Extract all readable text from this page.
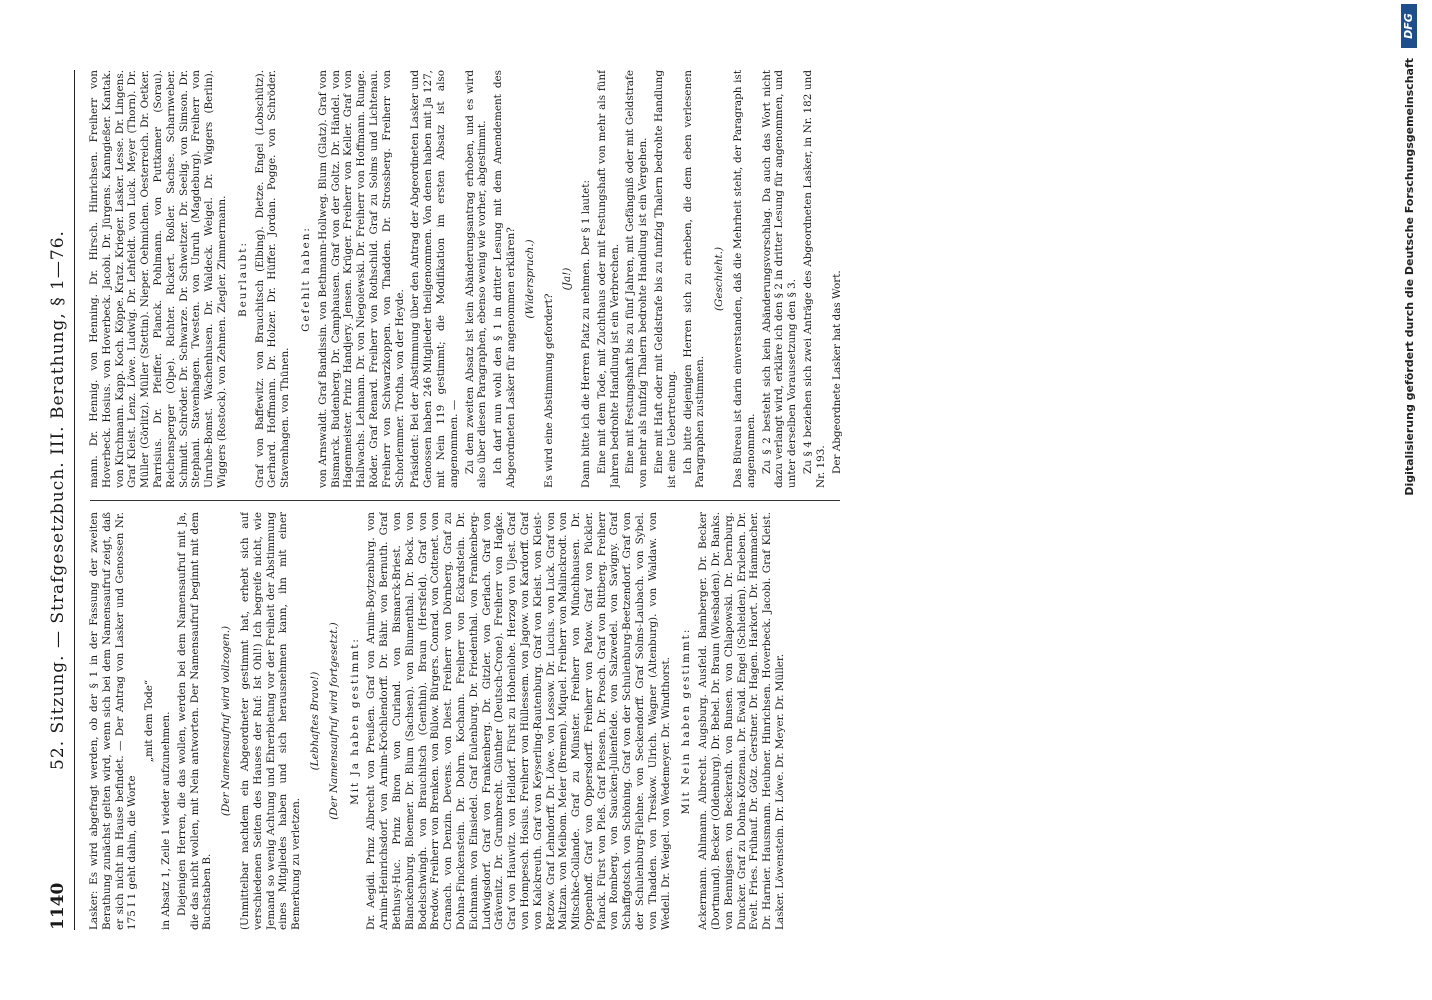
1140
52. Sitzung. — Strafgesetzbuch. III. Berathung, § 1—76. Lasker: Es wird abgefragt werden, ob der § 1 in der Fassung der zweiten Berathung zunächst gelten wird, wenn sich bei dem Namensaufruf zeigt, daß er sich nicht im Hause befindet. — Der Antrag von Lasker und Genossen Nr. 175 I 1 geht dahin, die Worte

„mit dem Tode“ in Absatz 1, Zeile 1 wieder aufzunehmen. Diejenigen Herren, die das wollen, werden bei dem Namensaufruf mit Ja, die das nicht wollen, mit Nein antworten. Der Namensaufruf beginnt mit dem Buchstaben B.

(Der Namensaufruf wird vollzogen.) (Unmittelbar nachdem ein Abgeordneter gestimmt hat, erhebt sich auf verschiedenen Seiten des Hauses der Ruf: Ist Ohl!) Ich begreife nicht, wie Jemand so wenig Achtung und Ehrerbietung vor der Freiheit der Abstimmung eines Mitgliedes haben und sich herausnehmen kann, ihn mit einer Bemerkung zu verletzen.

(Lebhaftes Bravo!) (Der Namensaufruf wird fortgesetzt.) Mit Ja haben gestimmt: Dr. Aegidi. Prinz Albrecht von Preußen. Graf von Arnim-Boytzenburg. von Arnim-Heinrichsdorf. von Arnim-Kröchlendorff. Dr. Bähr. von Bernuth. Graf Bethusy-Huc. Prinz Biron von Curland. von Bismarck-Briest. von Blanckenburg. Bloemer. Dr. Blum (Sachsen). von Blumenthal. Dr. Bock. von Bodelschwingh. von Brauchitsch (Genthin). Braun (Hersfeld). Graf von Bredow. Freiherr von Brenken. von Bülow. Bürgers. Conrad. von Cottenet. von Cranach. von Denzin. Devens. von Diest. Freiherr von Dörnberg. Graf zu Dohna-Finckenstein. Dr. Dohrn. Kochann. Freiherr von Eckardstein. Dr. Eichmann. von Einsiedel. Graf Eulenburg. Dr. Friedenthal. von Frankenberg-Ludwigsdorf. Graf von Frankenberg. Dr. Gitzler. von Gerlach. Graf von Grävenitz. Dr. Grumbrecht. Günther (Deutsch-Crone). Freiherr von Hagke. Graf von Hauwitz. von Helldorf. Fürst zu Hohenlohe. Herzog von Ujest. Graf von Hompesch. Hosius. Freiherr von Hüllessem. von Jagow. von Kardorff. Graf von Kalckreuth. Graf von Keyserling-Rautenburg. Graf von Kleist. von Kleist-Retzow. Graf Lehndorff. Dr. Löwe. von Lossow. Dr. Lucius. von Luck. Graf von Maltzan. von Meibom. Meier (Bremen). Miquel. Freiherr von Malinckrodt. von Mitschke-Collande. Graf zu Münster. Freiherr von Münchhausen. Dr. Oppenhoff. Graf von Oppersdorff. Freiherr von Patow. Graf von Pückler. Planck. Fürst von Pleß. Graf Plessen. Dr. Prosch. Graf von Rittberg. Freiherr von Romberg. von Saucken-Julienfelde. von Salzwedel. von Savigny. Graf Schaffgotsch. von Schöning. Graf von der Schulenburg-Beetzendorf. Graf von der Schulenburg-Filehne. von Seckendorff. Graf Solms-Laubach. von Sybel. von Thadden. von Treskow. Ulrich. Wagner (Altenburg). von Waldaw. von Wedell. Dr. Weigel. von Wedemeyer. Dr. Windthorst. Mit Nein haben gestimmt: Ackermann. Ahlmann. Albrecht. Augsburg. Ausfeld. Bamberger. Dr. Becker (Dortmund). Becker (Oldenburg). Dr. Bebel. Dr. Braun (Wiesbaden). Dr. Banks. von Bennigsen. von Beckerath. von Bunsen. von Chlapowski. Dr. Dernburg. Duncker. Graf zu Dohna-Kotzenau. Dr. Ewald. Engel (Schleiden). Erxleben. Dr. Evelt. Fries. Frühauf. Dr. Götz. Gerstner. Dr. Hagen. Harkort. Dr. Hammacher. Dr. Harnier. Hausmann. Heubner. Hinrichsen. Hoverbeck. Jacobi. Graf Kleist. Lasker. Löwenstein. Dr. Löwe. Dr. Meyer. Dr. Müller.

mann. Dr. Hennig. von Henning. Dr. Hirsch. Hinrichsen. Freiherr von Hoverbeck. Hosius. von Hoverbeck. Jacobi. Dr. Jürgens. Kanngießer. Kantak. von Kirchmann. Kapp. Koch. Köppe. Kratz. Krieger. Lasker. Lesse. Dr. Lingens. Graf Kleist. Lenz. Löwe. Ludwig. Dr. Lehfeldt. von Luck. Meyer (Thorn). Dr. Müller (Görlitz). Müller (Stettin). Nieper. Oehmichen. Oesterreich. Dr. Oetker. Parrisius. Dr. Pfeiffer. Planck. Pohlmann. von Puttkamer (Sorau). Reichensperger (Olpe). Richter. Rickert. Roßler. Sachse. Scharnweber. Schmidt. Schröder. Dr. Schwarze. Dr. Schweitzer. Dr. Seelig. von Simson. Dr. Stephani. Stavenhagen. Twesten. von Unruh (Magdeburg). Freiherr von Unruhe-Bomst. Wachenhusen. Dr. Waldeck. Weigel. Dr. Wiggers (Berlin). Wiggers (Rostock). von Zehmen. Ziegler. Zimmermann. Beurlaubt: Graf von Baffewitz. von Brauchitsch (Elbing). Dietze. Engel (Lobschütz). Gerhard. Hoffmann. Dr. Holzer. Dr. Hüffer. Jordan. Pogge. von Schröder. Stavenhagen. von Thünen.

Gefehlt haben: von Arnswaldt. Graf Bandissin. von Bethmann-Hollweg. Blum (Glatz). Graf von Bismarck. Budenberg. Dr. Camphausen. Graf von der Goltz. Dr. Händel. von Hagenmeister. Prinz Handjery. Jensen. Krüger. Freiherr von Keller. Graf von Hallwachs. Lehmann. Dr. von Niegolewski. Dr. Freiherr von Hoffmann. Runge. Röder. Graf Renard. Freiherr von Rothschild. Graf zu Solms und Lichtenau. Freiherr von Schwarzkoppen. von Thadden. Dr. Strossberg. Freiherr von Schorlemmer. Trotha. von der Heyde. Präsident: Bei der Abstimmung über den Antrag der Abgeordneten Lasker und Genossen haben 246 Mitglieder theilgenommen. Von denen haben mit Ja 127, mit Nein 119 gestimmt; die Modifikation im ersten Absatz ist also angenommen. — Zu dem zweiten Absatz ist kein Abänderungsantrag erhoben, und es wird also über diesen Paragraphen, ebenso wenig wie vorher, abgestimmt. Ich darf nun wohl den § 1 in dritter Lesung mit dem Amendement des Abgeordneten Lasker für angenommen erklären? (Widerspruch.)

Es wird eine Abstimmung gefordert?

(Ja!) Dann bitte ich die Herren Platz zu nehmen. Der § 1 lautet: Eine mit dem Tode, mit Zuchthaus oder mit Festungshaft von mehr als fünf Jahren bedrohte Handlung ist ein Verbrechen. Eine mit Festungshaft bis zu fünf Jahren, mit Gefängniß oder mit Geldstrafe von mehr als funfzig Thalern bedrohte Handlung ist ein Vergehen. Eine mit Haft oder mit Geldstrafe bis zu funfzig Thalern bedrohte Handlung ist eine Uebertretung. Ich bitte diejenigen Herren sich zu erheben, die dem eben verlesenen Paragraphen zustimmen.

(Geschieht.) Das Büreau ist darin einverstanden, daß die Mehrheit steht, der Paragraph ist angenommen. Zu § 2 besteht sich kein Abänderungsvorschlag. Da auch das Wort nicht dazu verlangt wird, erkläre ich den § 2 in dritter Lesung für angenommen, und unter derselben Voraussetzung den § 3. Zu § 4 beziehen sich zwei Anträge des Abgeordneten Lasker, in Nr. 182 und Nr. 193. Der Abgeordnete Lasker hat das Wort.	Digitalisierung gefördert durch die Deutsche Forschungsgemeinschaft
DFG
